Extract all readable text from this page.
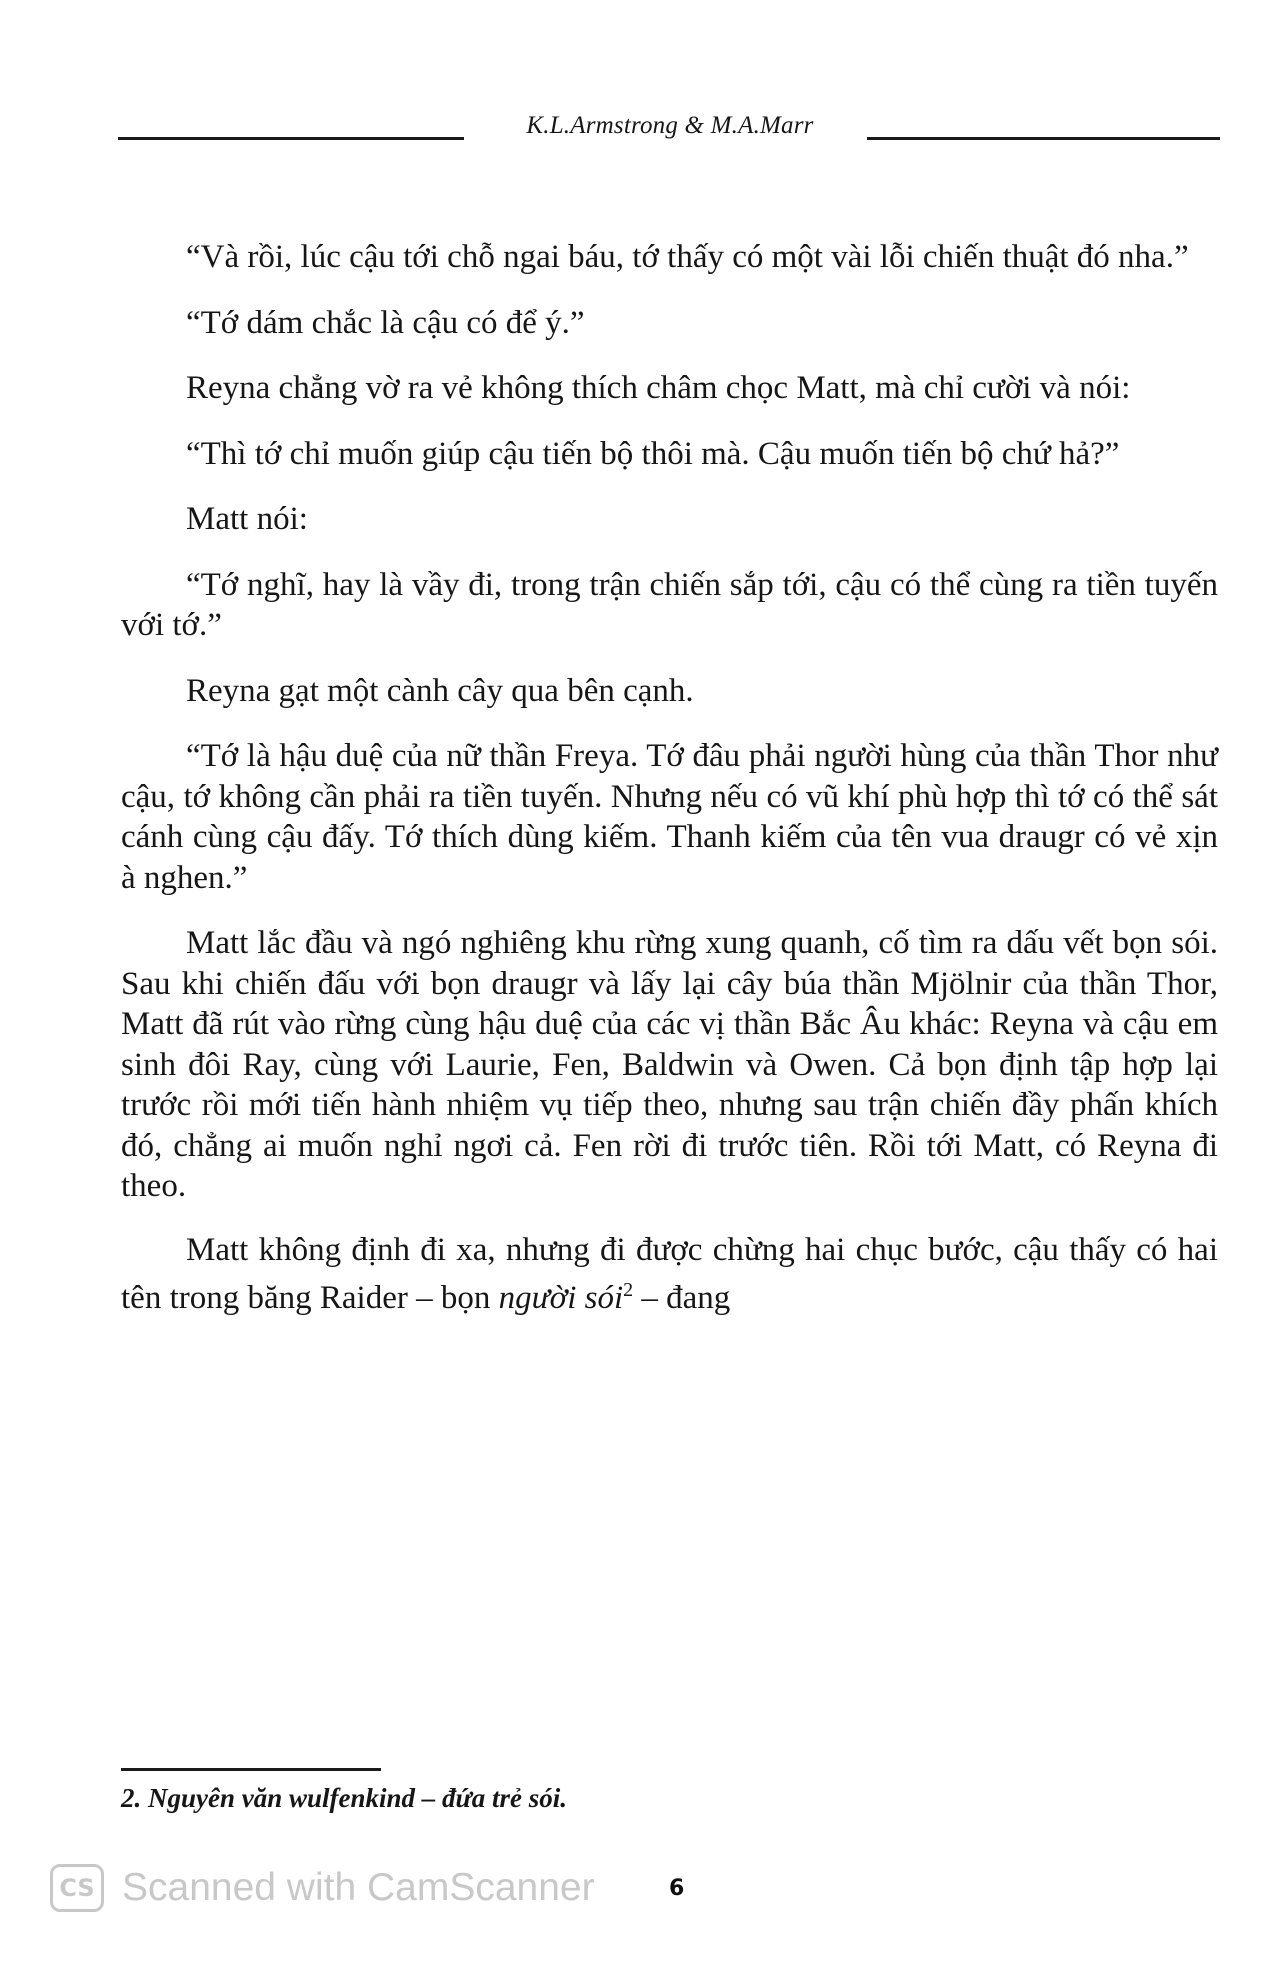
K.L.Armstrong & M.A.Marr

“Và rồi, lúc cậu tới chỗ ngai báu, tớ thấy có một vài lỗi chiến thuật đó nha.”

“Tớ dám chắc là cậu có để ý.”

Reyna chẳng vờ ra vẻ không thích châm chọc Matt, mà chỉ cười và nói:

“Thì tớ chỉ muốn giúp cậu tiến bộ thôi mà. Cậu muốn tiến bộ chứ hả?”

Matt nói:

“Tớ nghĩ, hay là vầy đi, trong trận chiến sắp tới, cậu có thể cùng ra tiền tuyến với tớ.”

Reyna gạt một cành cây qua bên cạnh.

“Tớ là hậu duệ của nữ thần Freya. Tớ đâu phải người hùng của thần Thor như cậu, tớ không cần phải ra tiền tuyến. Nhưng nếu có vũ khí phù hợp thì tớ có thể sát cánh cùng cậu đấy. Tớ thích dùng kiếm. Thanh kiếm của tên vua draugr có vẻ xịn à nghen.”

Matt lắc đầu và ngó nghiêng khu rừng xung quanh, cố tìm ra dấu vết bọn sói. Sau khi chiến đấu với bọn draugr và lấy lại cây búa thần Mjölnir của thần Thor, Matt đã rút vào rừng cùng hậu duệ của các vị thần Bắc Âu khác: Reyna và cậu em sinh đôi Ray, cùng với Laurie, Fen, Baldwin và Owen. Cả bọn định tập hợp lại trước rồi mới tiến hành nhiệm vụ tiếp theo, nhưng sau trận chiến đầy phấn khích đó, chẳng ai muốn nghỉ ngơi cả. Fen rời đi trước tiên. Rồi tới Matt, có Reyna đi theo.

Matt không định đi xa, nhưng đi được chừng hai chục bước, cậu thấy có hai tên trong băng Raider – bọn người sói$^2$ – đang

2. Nguyên văn wulfenkind – đứa trẻ sói.
CS Scanned with CamScanner	6
